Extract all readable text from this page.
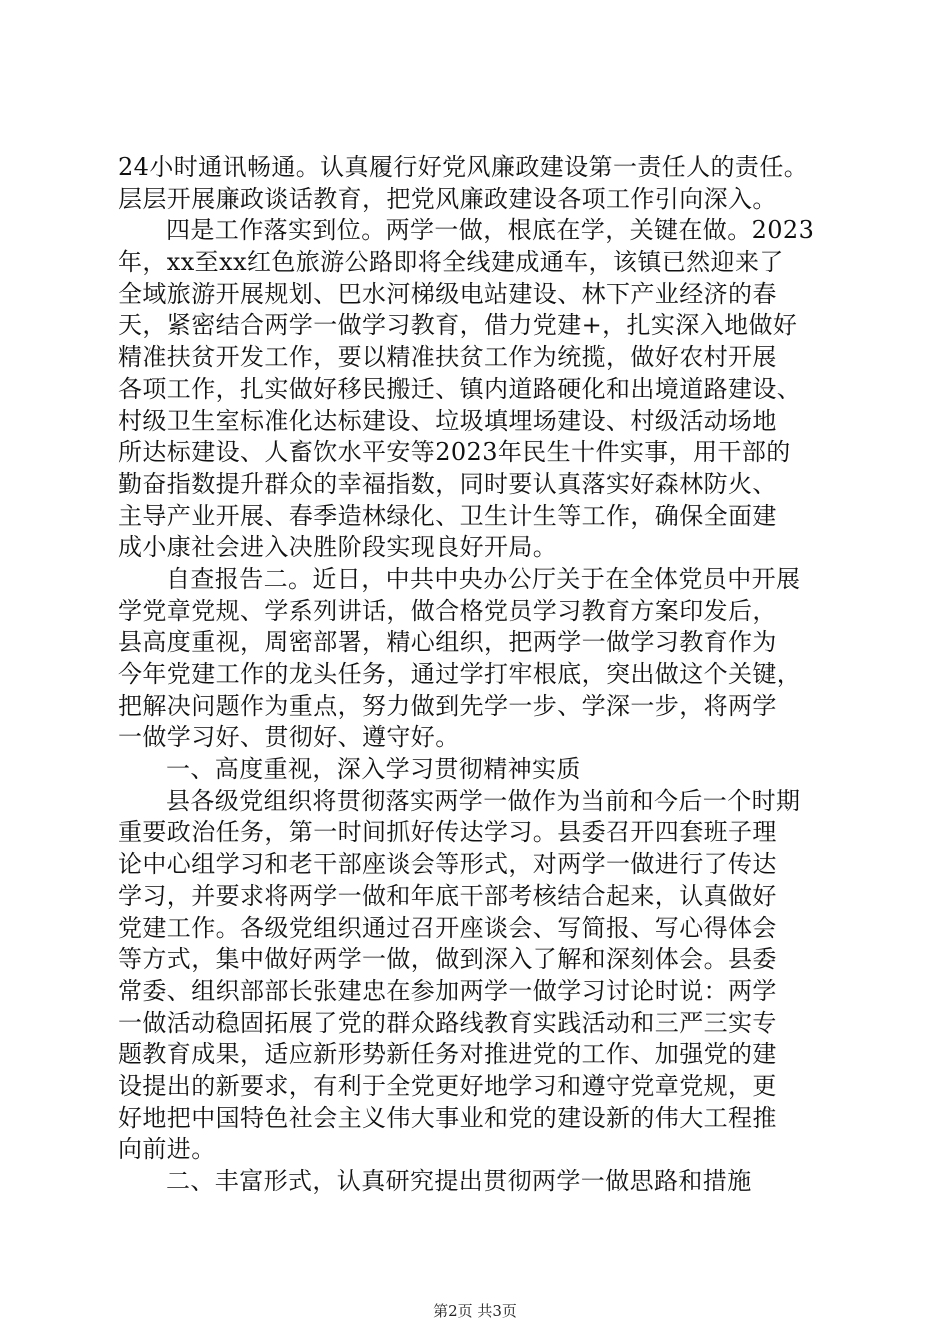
24小时通讯畅通。认真履行好党风廉政建设第一责任人的责任。
层层开展廉政谈话教育，把党风廉政建设各项工作引向深入。
四是工作落实到位。两学一做，根底在学，关键在做。2023
年，xx至xx红色旅游公路即将全线建成通车，该镇已然迎来了
全域旅游开展规划、巴水河梯级电站建设、林下产业经济的春
天，紧密结合两学一做学习教育，借力党建+，扎实深入地做好
精准扶贫开发工作，要以精准扶贫工作为统揽，做好农村开展
各项工作，扎实做好移民搬迁、镇内道路硬化和出境道路建设、
村级卫生室标准化达标建设、垃圾填埋场建设、村级活动场地
所达标建设、人畜饮水平安等2023年民生十件实事，用干部的
勤奋指数提升群众的幸福指数，同时要认真落实好森林防火、
主导产业开展、春季造林绿化、卫生计生等工作，确保全面建
成小康社会进入决胜阶段实现良好开局。
自查报告二。近日，中共中央办公厅关于在全体党员中开展
学党章党规、学系列讲话，做合格党员学习教育方案印发后，
县高度重视，周密部署，精心组织，把两学一做学习教育作为
今年党建工作的龙头任务，通过学打牢根底，突出做这个关键，
把解决问题作为重点，努力做到先学一步、学深一步，将两学
一做学习好、贯彻好、遵守好。
一、高度重视，深入学习贯彻精神实质
县各级党组织将贯彻落实两学一做作为当前和今后一个时期
重要政治任务，第一时间抓好传达学习。县委召开四套班子理
论中心组学习和老干部座谈会等形式，对两学一做进行了传达
学习，并要求将两学一做和年底干部考核结合起来，认真做好
党建工作。各级党组织通过召开座谈会、写简报、写心得体会
等方式，集中做好两学一做，做到深入了解和深刻体会。县委
常委、组织部部长张建忠在参加两学一做学习讨论时说：两学
一做活动稳固拓展了党的群众路线教育实践活动和三严三实专
题教育成果，适应新形势新任务对推进党的工作、加强党的建
设提出的新要求，有利于全党更好地学习和遵守党章党规，更
好地把中国特色社会主义伟大事业和党的建设新的伟大工程推
向前进。
二、丰富形式，认真研究提出贯彻两学一做思路和措施
第2页 共3页
